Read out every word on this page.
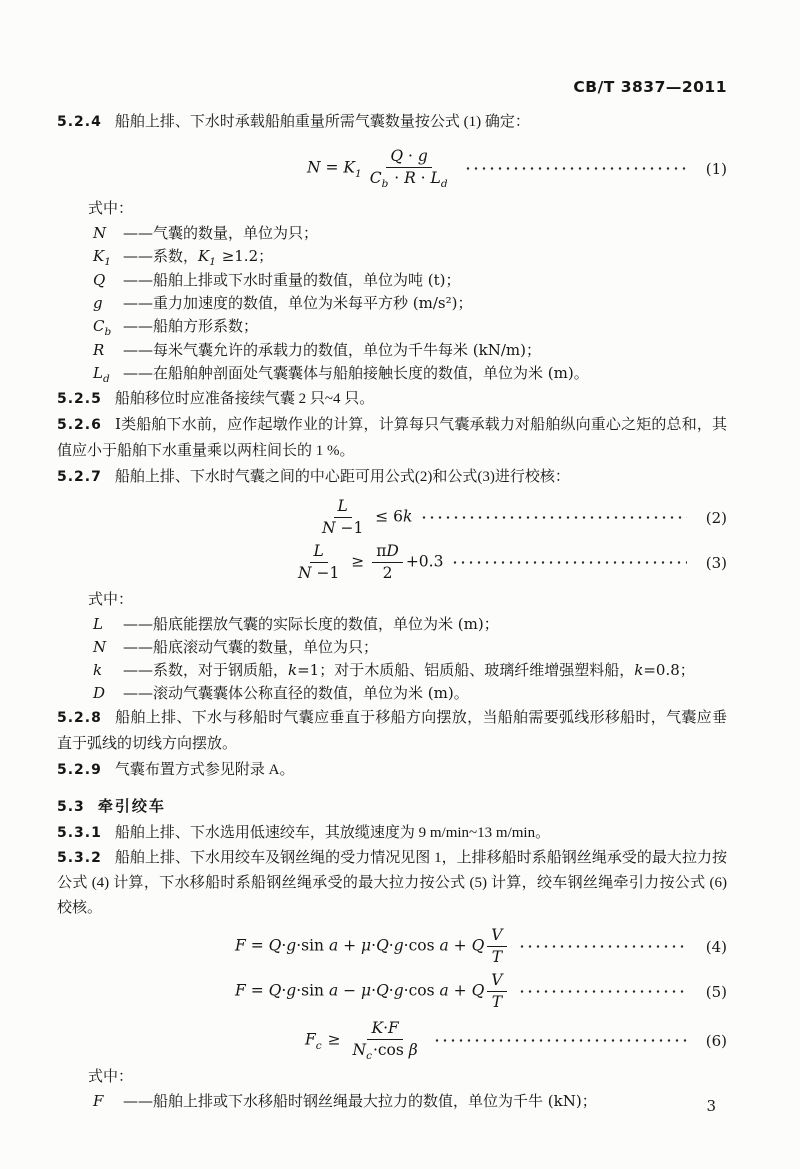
CB/T 3837—2011

5.2.4 船舶上排、下水时承载船舶重量所需气囊数量按公式 (1) 确定：

$N = K_1 \frac{Q \cdot g}{C_b \cdot R \cdot L_d}$	(1)

式中：

N	——气囊的数量，单位为只；
$K_1$ ——系数，$K_1 \ge 1.2$；
Q	——船舶上排或下水时重量的数值，单位为吨 (t)；
g	——重力加速度的数值，单位为米每平方秒 (m/s²)；
$C_b$ ——船舶方形系数；
R	——每米气囊允许的承载力的数值，单位为千牛每米 (kN/m)；
$L_d$ ——在船舶舯剖面处气囊囊体与船舶接触长度的数值，单位为米 (m)。

5.2.5 船舶移位时应准备接续气囊 2 只~4 只。

5.2.6 Ⅰ类船舶下水前，应作起墩作业的计算，计算每只气囊承载力对船舶纵向重心之矩的总和，其值应小于船舶下水重量乘以两柱间长的 1 %。

5.2.7 船舶上排、下水时气囊之间的中心距可用公式(2)和公式(3)进行校核：

$\frac{L}{N -1} \le 6k$	(2)
$\frac{L}{N -1} \ge \frac{\pi D}{2} +0.3$	(3)

式中：

L	——船底能摆放气囊的实际长度的数值，单位为米 (m)；
N	——船底滚动气囊的数量，单位为只；
k	——系数，对于钢质船，k=1；对于木质船、铝质船、玻璃纤维增强塑料船，k=0.8；
D	——滚动气囊囊体公称直径的数值，单位为米 (m)。

5.2.8 船舶上排、下水与移船时气囊应垂直于移船方向摆放，当船舶需要弧线形移船时，气囊应垂直于弧线的切线方向摆放。

5.2.9 气囊布置方式参见附录 A。

5.3 牵引绞车

5.3.1 船舶上排、下水选用低速绞车，其放缆速度为 9 m/min~13 m/min。

5.3.2 船舶上排、下水用绞车及钢丝绳的受力情况见图 1，上排移船时系船钢丝绳承受的最大拉力按公式 (4) 计算，下水移船时系船钢丝绳承受的最大拉力按公式 (5) 计算，绞车钢丝绳牵引力按公式 (6) 校核。

F = Q·g·sin a + μ·Q·g·cos a + Q $\frac{V}{T}$	(4)
F = Q·g·sin a − μ·Q·g·cos a + Q $\frac{V}{T}$	(5)
$F_c \ge \frac{K\cdot F}{N_c\cdot\cos \beta}$	(6)

式中：

F	——船舶上排或下水移船时钢丝绳最大拉力的数值，单位为千牛 (kN)；	3
